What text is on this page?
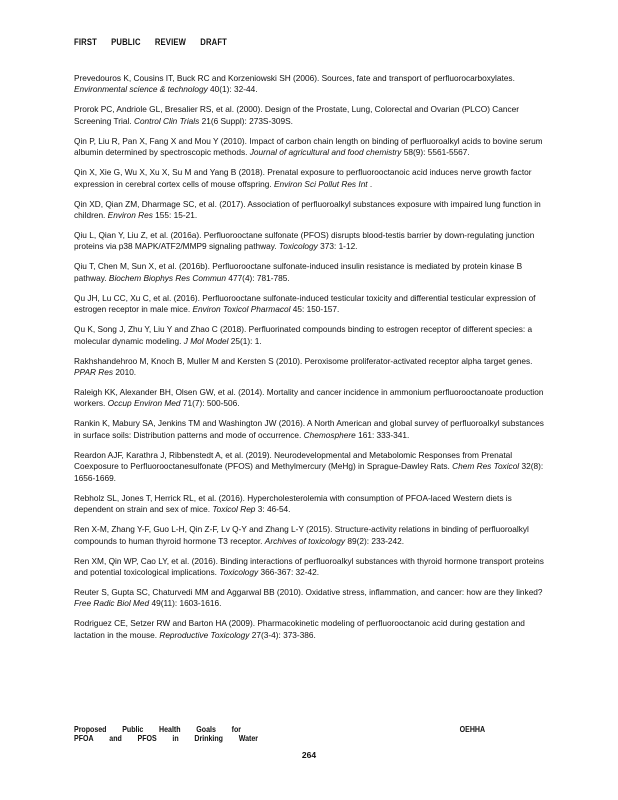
FIRST PUBLIC REVIEW DRAFT

Prevedouros K, Cousins IT, Buck RC and Korzeniowski SH (2006). Sources, fate and transport of perfluorocarboxylates. Environmental science & technology 40(1): 32-44.

Prorok PC, Andriole GL, Bresalier RS, et al. (2000). Design of the Prostate, Lung, Colorectal and Ovarian (PLCO) Cancer Screening Trial. Control Clin Trials 21(6 Suppl): 273S-309S.

Qin P, Liu R, Pan X, Fang X and Mou Y (2010). Impact of carbon chain length on binding of perfluoroalkyl acids to bovine serum albumin determined by spectroscopic methods. Journal of agricultural and food chemistry 58(9): 5561-5567.

Qin X, Xie G, Wu X, Xu X, Su M and Yang B (2018). Prenatal exposure to perfluorooctanoic acid induces nerve growth factor expression in cerebral cortex cells of mouse offspring. Environ Sci Pollut Res Int .

Qin XD, Qian ZM, Dharmage SC, et al. (2017). Association of perfluoroalkyl substances exposure with impaired lung function in children. Environ Res 155: 15-21.

Qiu L, Qian Y, Liu Z, et al. (2016a). Perfluorooctane sulfonate (PFOS) disrupts blood-testis barrier by down-regulating junction proteins via p38 MAPK/ATF2/MMP9 signaling pathway. Toxicology 373: 1-12.

Qiu T, Chen M, Sun X, et al. (2016b). Perfluorooctane sulfonate-induced insulin resistance is mediated by protein kinase B pathway. Biochem Biophys Res Commun 477(4): 781-785.

Qu JH, Lu CC, Xu C, et al. (2016). Perfluorooctane sulfonate-induced testicular toxicity and differential testicular expression of estrogen receptor in male mice. Environ Toxicol Pharmacol 45: 150-157.

Qu K, Song J, Zhu Y, Liu Y and Zhao C (2018). Perfluorinated compounds binding to estrogen receptor of different species: a molecular dynamic modeling. J Mol Model 25(1): 1.

Rakhshandehroo M, Knoch B, Muller M and Kersten S (2010). Peroxisome proliferator-activated receptor alpha target genes. PPAR Res 2010.

Raleigh KK, Alexander BH, Olsen GW, et al. (2014). Mortality and cancer incidence in ammonium perfluorooctanoate production workers. Occup Environ Med 71(7): 500-506.

Rankin K, Mabury SA, Jenkins TM and Washington JW (2016). A North American and global survey of perfluoroalkyl substances in surface soils: Distribution patterns and mode of occurrence. Chemosphere 161: 333-341.

Reardon AJF, Karathra J, Ribbenstedt A, et al. (2019). Neurodevelopmental and Metabolomic Responses from Prenatal Coexposure to Perfluorooctanesulfonate (PFOS) and Methylmercury (MeHg) in Sprague-Dawley Rats. Chem Res Toxicol 32(8): 1656-1669.

Rebholz SL, Jones T, Herrick RL, et al. (2016). Hypercholesterolemia with consumption of PFOA-laced Western diets is dependent on strain and sex of mice. Toxicol Rep 3: 46-54.

Ren X-M, Zhang Y-F, Guo L-H, Qin Z-F, Lv Q-Y and Zhang L-Y (2015). Structure-activity relations in binding of perfluoroalkyl compounds to human thyroid hormone T3 receptor. Archives of toxicology 89(2): 233-242.

Ren XM, Qin WP, Cao LY, et al. (2016). Binding interactions of perfluoroalkyl substances with thyroid hormone transport proteins and potential toxicological implications. Toxicology 366-367: 32-42.

Reuter S, Gupta SC, Chaturvedi MM and Aggarwal BB (2010). Oxidative stress, inflammation, and cancer: how are they linked? Free Radic Biol Med 49(11): 1603-1616.

Rodriguez CE, Setzer RW and Barton HA (2009). Pharmacokinetic modeling of perfluorooctanoic acid during gestation and lactation in the mouse. Reproductive Toxicology 27(3-4): 373-386.

Proposed Public Health Goals for	OEHHA
PFOA and PFOS in Drinking Water
264
